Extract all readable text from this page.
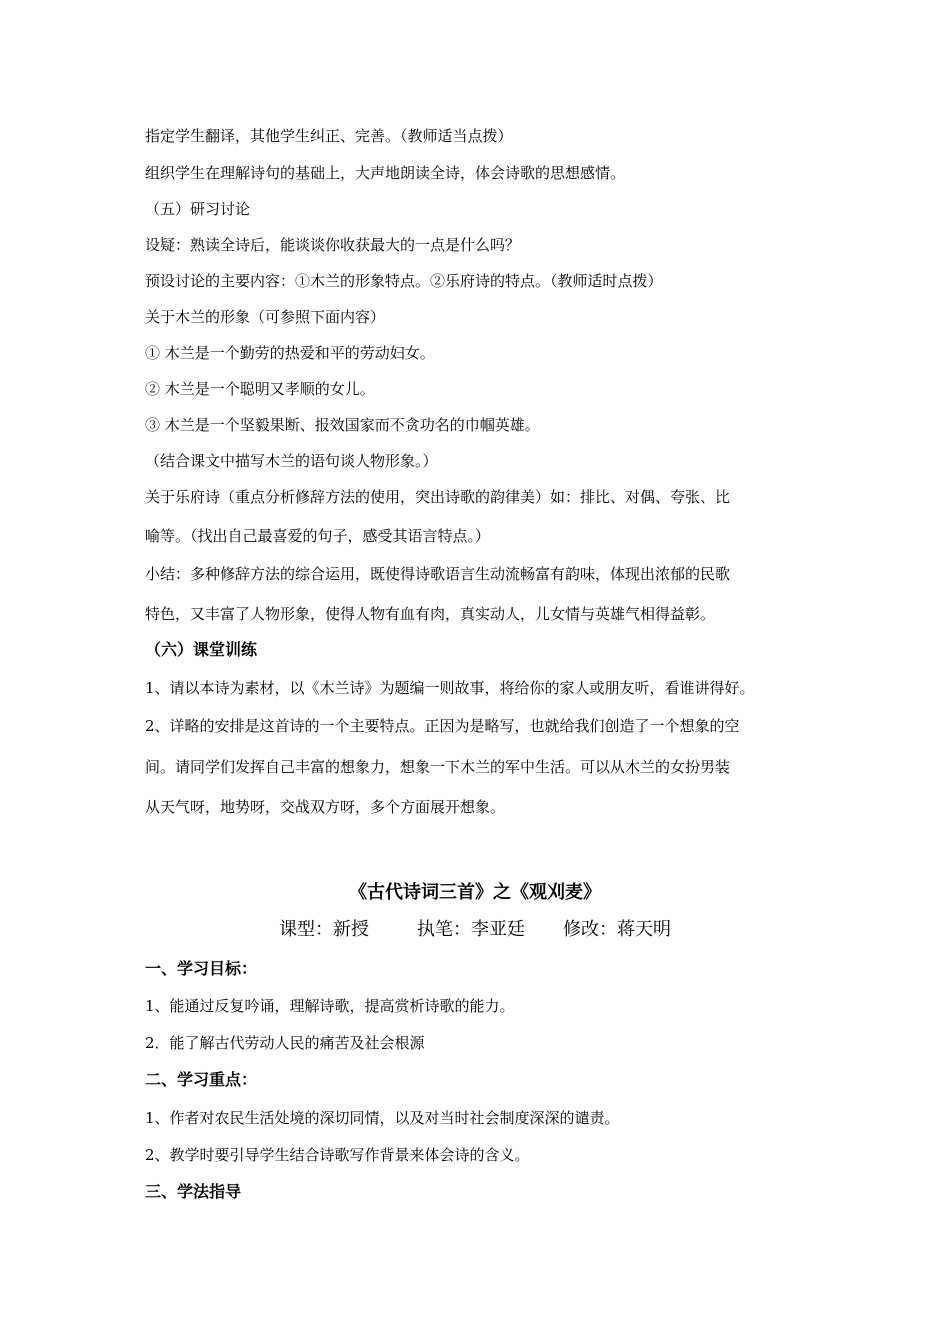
指定学生翻译，其他学生纠正、完善。（教师适当点拨）
组织学生在理解诗句的基础上，大声地朗读全诗，体会诗歌的思想感情。
（五）研习讨论
设疑：熟读全诗后，能谈谈你收获最大的一点是什么吗？
预设讨论的主要内容：①木兰的形象特点。②乐府诗的特点。（教师适时点拨）
关于木兰的形象（可参照下面内容）
① 木兰是一个勤劳的热爱和平的劳动妇女。
② 木兰是一个聪明又孝顺的女儿。
③ 木兰是一个坚毅果断、报效国家而不贪功名的巾帼英雄。
（结合课文中描写木兰的语句谈人物形象。）
关于乐府诗（重点分析修辞方法的使用，突出诗歌的韵律美）如：排比、对偶、夸张、比
喻等。（找出自己最喜爱的句子，感受其语言特点。）
小结：多种修辞方法的综合运用，既使得诗歌语言生动流畅富有韵味，体现出浓郁的民歌
特色，又丰富了人物形象，使得人物有血有肉，真实动人，儿女情与英雄气相得益彰。
（六）课堂训练
1、请以本诗为素材，以《木兰诗》为题编一则故事，将给你的家人或朋友听，看谁讲得好。
2、详略的安排是这首诗的一个主要特点。正因为是略写，也就给我们创造了一个想象的空
间。请同学们发挥自己丰富的想象力，想象一下木兰的军中生活。可以从木兰的女扮男装
从天气呀，地势呀，交战双方呀，多个方面展开想象。
《古代诗词三首》之《观刈麦》
课型：新授	执笔：李亚廷 修改：蒋天明
一、学习目标：
1、能通过反复吟诵，理解诗歌，提高赏析诗歌的能力。
2．能了解古代劳动人民的痛苦及社会根源
二、学习重点：
1、作者对农民生活处境的深切同情，以及对当时社会制度深深的谴责。
2、教学时要引导学生结合诗歌写作背景来体会诗的含义。
三、学法指导
